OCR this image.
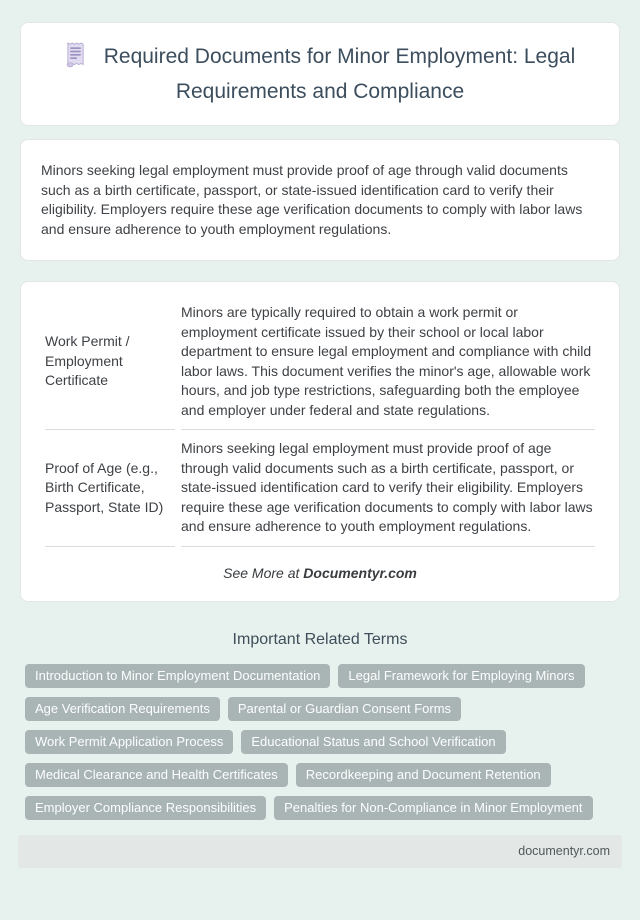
Required Documents for Minor Employment: Legal Requirements and Compliance
Minors seeking legal employment must provide proof of age through valid documents such as a birth certificate, passport, or state-issued identification card to verify their eligibility. Employers require these age verification documents to comply with labor laws and ensure adherence to youth employment regulations.
Work Permit / Employment Certificate	Minors are typically required to obtain a work permit or employment certificate issued by their school or local labor department to ensure legal employment and compliance with child labor laws. This document verifies the minor's age, allowable work hours, and job type restrictions, safeguarding both the employee and employer under federal and state regulations.
Proof of Age (e.g., Birth Certificate, Passport, State ID)	Minors seeking legal employment must provide proof of age through valid documents such as a birth certificate, passport, or state-issued identification card to verify their eligibility. Employers require these age verification documents to comply with labor laws and ensure adherence to youth employment regulations.
See More at Documentyr.com
Important Related Terms
Introduction to Minor Employment Documentation	Legal Framework for Employing Minors
Age Verification Requirements	Parental or Guardian Consent Forms
Work Permit Application Process	Educational Status and School Verification
Medical Clearance and Health Certificates	Recordkeeping and Document Retention
Employer Compliance Responsibilities	Penalties for Non-Compliance in Minor Employment
documentyr.com
